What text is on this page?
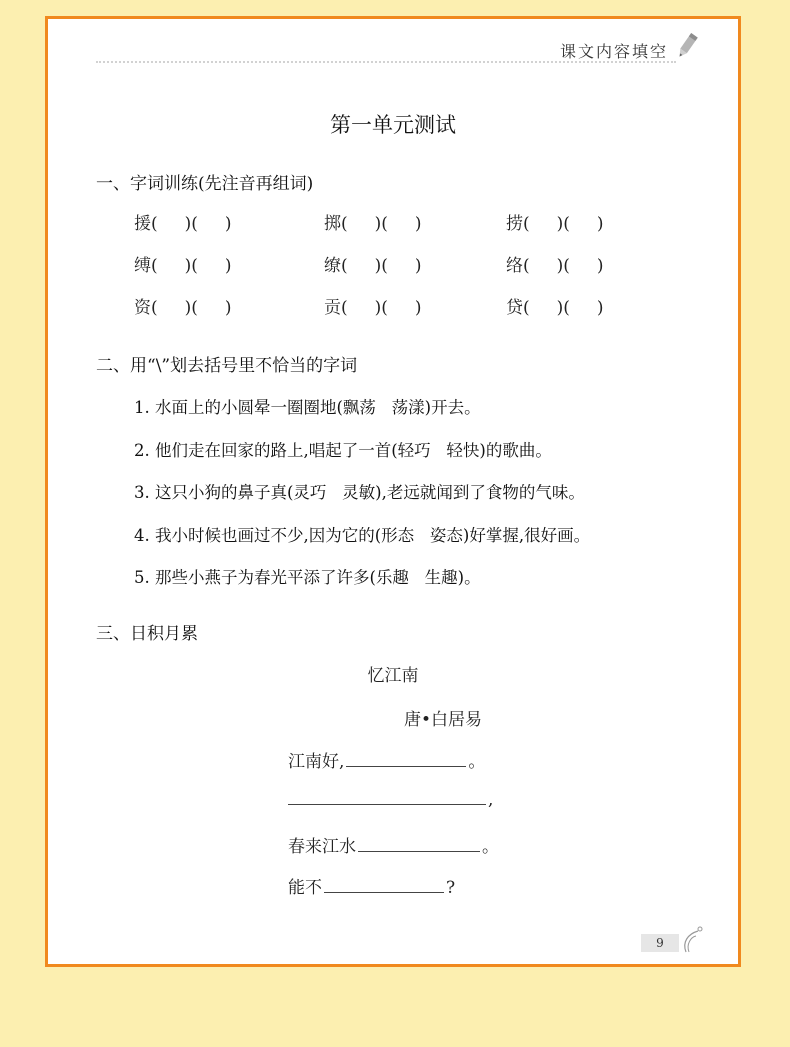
课文内容填空
第一单元测试
一、字词训练(先注音再组词)
援(     )(     )	掷(     )(     )	捞(     )(     )
缚(     )(     )	缭(     )(     )	络(     )(     )
资(     )(     )	贡(     )(     )	贷(     )(     )
二、用“\”划去括号里不恰当的字词
1. 水面上的小圆晕一圈圈地(飘荡   荡漾)开去。
2. 他们走在回家的路上,唱起了一首(轻巧   轻快)的歌曲。
3. 这只小狗的鼻子真(灵巧   灵敏),老远就闻到了食物的气味。
4. 我小时候也画过不少,因为它的(形态   姿态)好掌握,很好画。
5. 那些小燕子为春光平添了许多(乐趣   生趣)。
三、日积月累
忆江南
唐•白居易
江南好,	。
,
春来江水	。
能不	?
9
